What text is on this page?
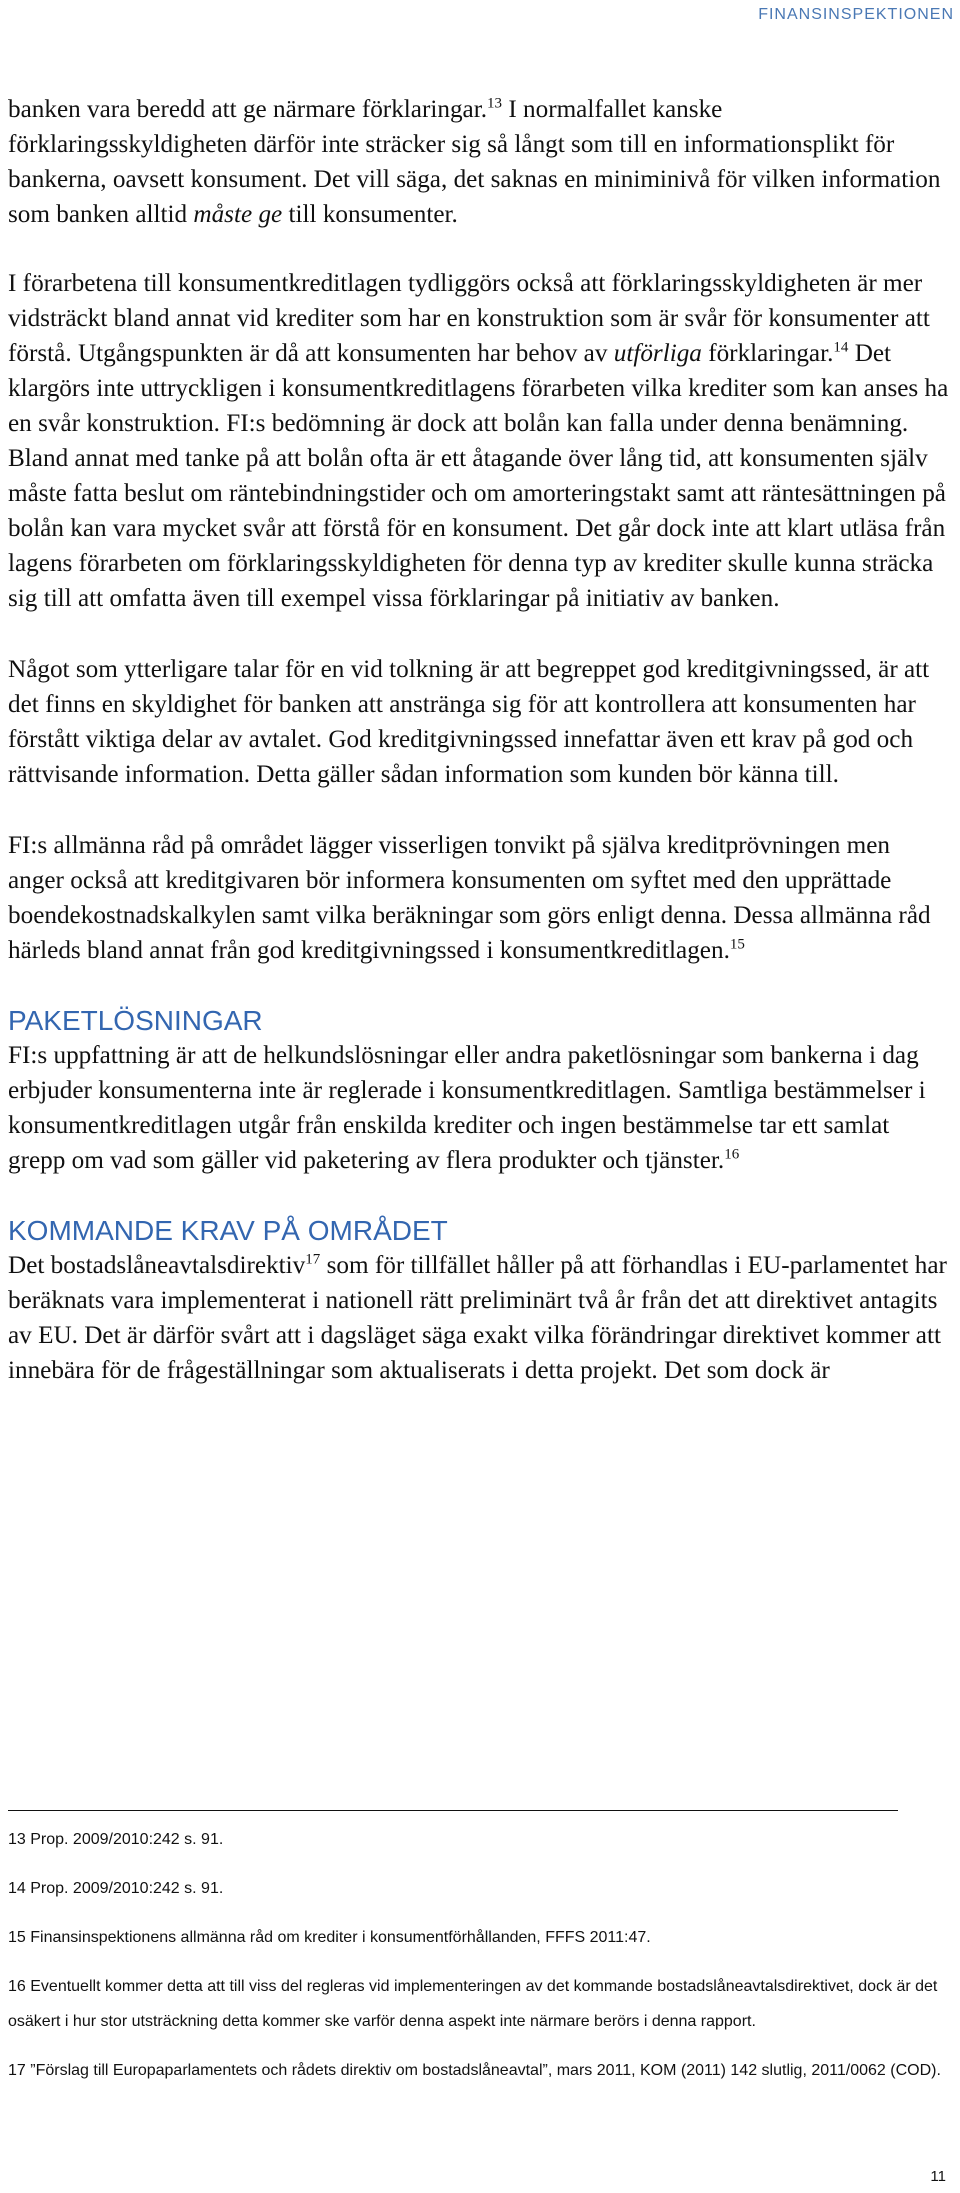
FINANSINSPEKTIONEN

banken vara beredd att ge närmare förklaringar.$^{13}$ I normalfallet kanske förklaringsskyldigheten därför inte sträcker sig så långt som till en informationsplikt för bankerna, oavsett konsument. Det vill säga, det saknas en miniminivå för vilken information som banken alltid måste ge till konsumenter.

I förarbetena till konsumentkreditlagen tydliggörs också att förklaringsskyldigheten är mer vidsträckt bland annat vid krediter som har en konstruktion som är svår för konsumenter att förstå. Utgångspunkten är då att konsumenten har behov av utförliga förklaringar.$^{14}$ Det klargörs inte uttryckligen i konsumentkreditlagens förarbeten vilka krediter som kan anses ha en svår konstruktion. FI:s bedömning är dock att bolån kan falla under denna benämning. Bland annat med tanke på att bolån ofta är ett åtagande över lång tid, att konsumenten själv måste fatta beslut om räntebindningstider och om amorteringstakt samt att räntesättningen på bolån kan vara mycket svår att förstå för en konsument. Det går dock inte att klart utläsa från lagens förarbeten om förklaringsskyldigheten för denna typ av krediter skulle kunna sträcka sig till att omfatta även till exempel vissa förklaringar på initiativ av banken.

Något som ytterligare talar för en vid tolkning är att begreppet god kreditgivningssed, är att det finns en skyldighet för banken att anstränga sig för att kontrollera att konsumenten har förstått viktiga delar av avtalet. God kreditgivningssed innefattar även ett krav på god och rättvisande information. Detta gäller sådan information som kunden bör känna till.

FI:s allmänna råd på området lägger visserligen tonvikt på själva kreditprövningen men anger också att kreditgivaren bör informera konsumenten om syftet med den upprättade boendekostnadskalkylen samt vilka beräkningar som görs enligt denna. Dessa allmänna råd härleds bland annat från god kreditgivningssed i konsumentkreditlagen.$^{15}$

PAKETLÖSNINGAR

FI:s uppfattning är att de helkundslösningar eller andra paketlösningar som bankerna i dag erbjuder konsumenterna inte är reglerade i konsumentkreditlagen. Samtliga bestämmelser i konsumentkreditlagen utgår från enskilda krediter och ingen bestämmelse tar ett samlat grepp om vad som gäller vid paketering av flera produkter och tjänster.$^{16}$

KOMMANDE KRAV PÅ OMRÅDET

Det bostadslåneavtalsdirektiv$^{17}$ som för tillfället håller på att förhandlas i EU-parlamentet har beräknats vara implementerat i nationell rätt preliminärt två år från det att direktivet antagits av EU. Det är därför svårt att i dagsläget säga exakt vilka förändringar direktivet kommer att innebära för de frågeställningar som aktualiserats i detta projekt. Det som dock är

13 Prop. 2009/2010:242 s. 91.
14 Prop. 2009/2010:242 s. 91.
15 Finansinspektionens allmänna råd om krediter i konsumentförhållanden, FFFS 2011:47.
16 Eventuellt kommer detta att till viss del regleras vid implementeringen av det kommande bostadslåneavtalsdirektivet, dock är det osäkert i hur stor utsträckning detta kommer ske varför denna aspekt inte närmare berörs i denna rapport.
17 ”Förslag till Europaparlamentets och rådets direktiv om bostadslåneavtal”, mars 2011, KOM (2011) 142 slutlig, 2011/0062 (COD).
11
